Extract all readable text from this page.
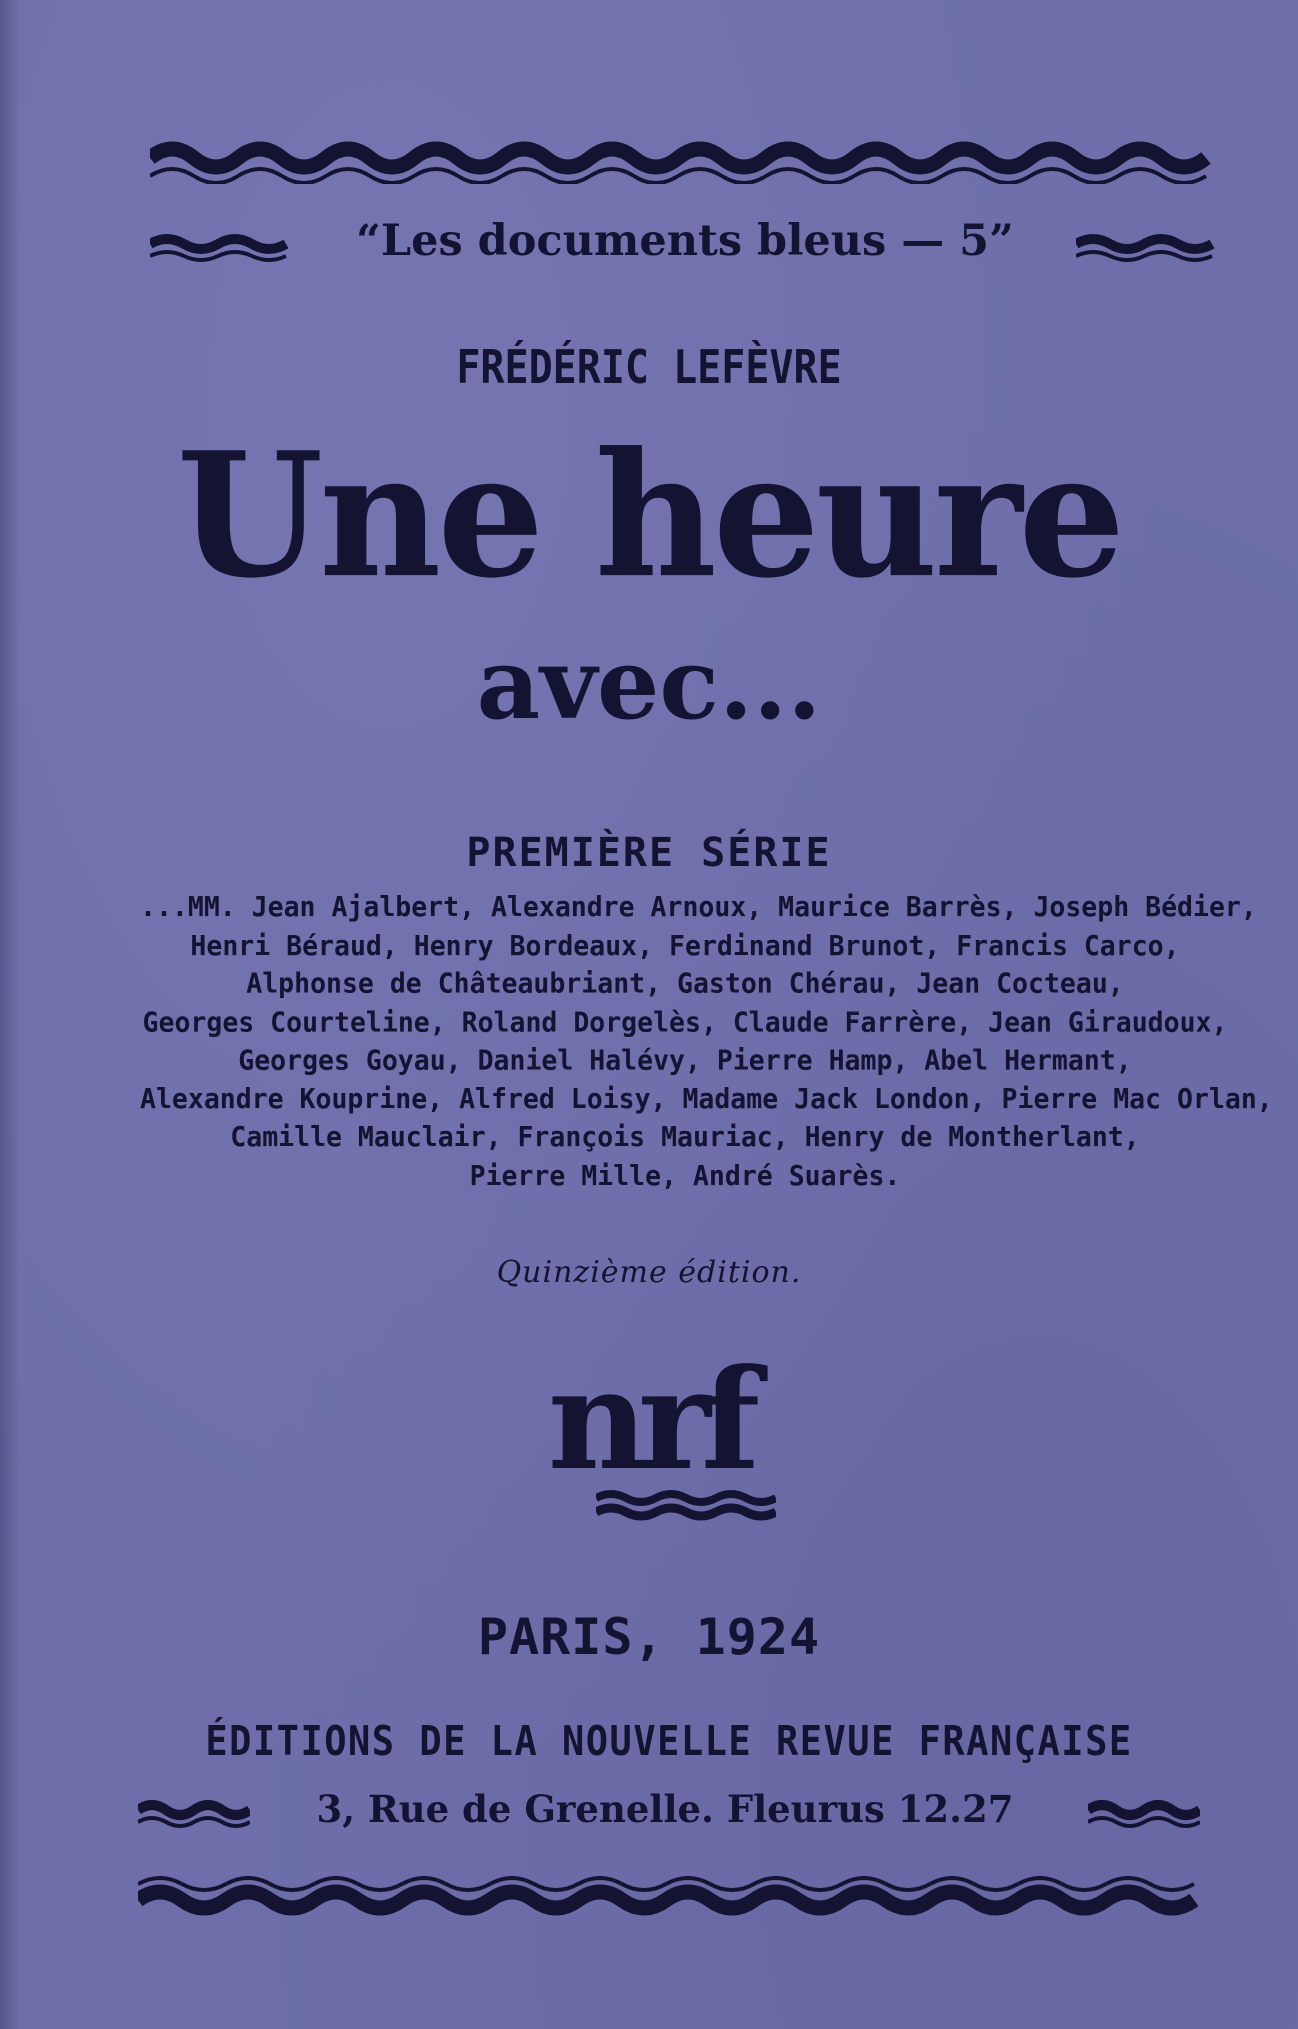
“Les documents bleus — 5”

FRÉDÉRIC LEFÈVRE

Une heure

avec...

PREMIÈRE SÉRIE

...MM. Jean Ajalbert, Alexandre Arnoux, Maurice Barrès, Joseph Bédier,
Henri Béraud, Henry Bordeaux, Ferdinand Brunot, Francis Carco,
Alphonse de Châteaubriant, Gaston Chérau, Jean Cocteau,
Georges Courteline, Roland Dorgelès, Claude Farrère, Jean Giraudoux,
Georges Goyau, Daniel Halévy, Pierre Hamp, Abel Hermant,
Alexandre Kouprine, Alfred Loisy, Madame Jack London, Pierre Mac Orlan,
Camille Mauclair, François Mauriac, Henry de Montherlant,
Pierre Mille, André Suarès.

Quinzième édition.

nrf

PARIS, 1924

ÉDITIONS DE LA NOUVELLE REVUE FRANÇAISE
3, Rue de Grenelle. Fleurus 12.27
